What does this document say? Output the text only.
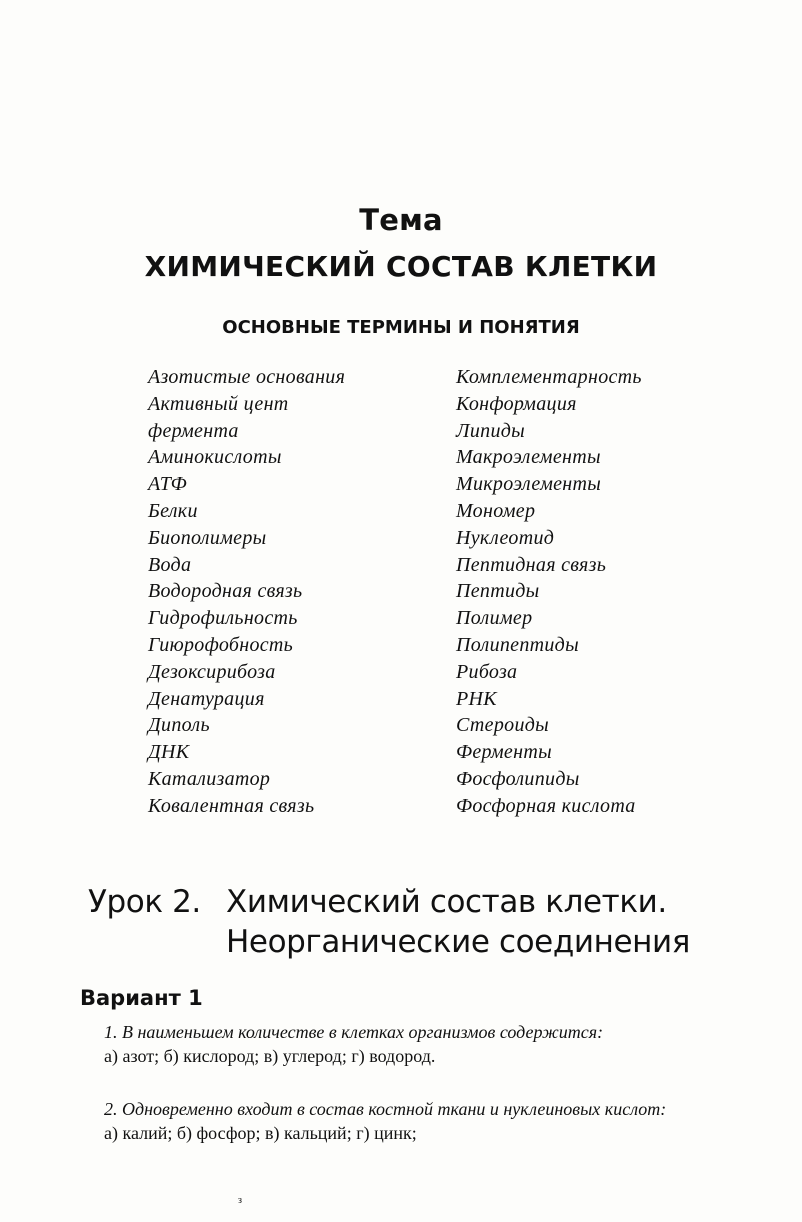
Тема
ХИМИЧЕСКИЙ СОСТАВ КЛЕТКИ
ОСНОВНЫЕ ТЕРМИНЫ И ПОНЯТИЯ
Азотистые основания
Активный цент
фермента
Аминокислоты
АТФ
Белки
Биополимеры
Вода
Водородная связь
Гидрофильность
Гиюрофобность
Дезоксирибоза
Денатурация
Диполь
ДНК
Катализатор
Ковалентная связь
Комплементарность
Конформация
Липиды
Макроэлементы
Микроэлементы
Мономер
Нуклеотид
Пептидная связь
Пептиды
Полимер
Полипептиды
Рибоза
РНК
Стероиды
Ферменты
Фосфолипиды
Фосфорная кислота
Урок 2. Химический состав клетки.
Неорганические соединения
Вариант 1

1. В наименьшем количестве в клетках организмов содержится:

а) азот; б) кислород; в) углерод; г) водород.

2. Одновременно входит в состав костной ткани и нуклеиновых кислот:

а) калий; б) фосфор; в) кальций; г) цинк;

з
